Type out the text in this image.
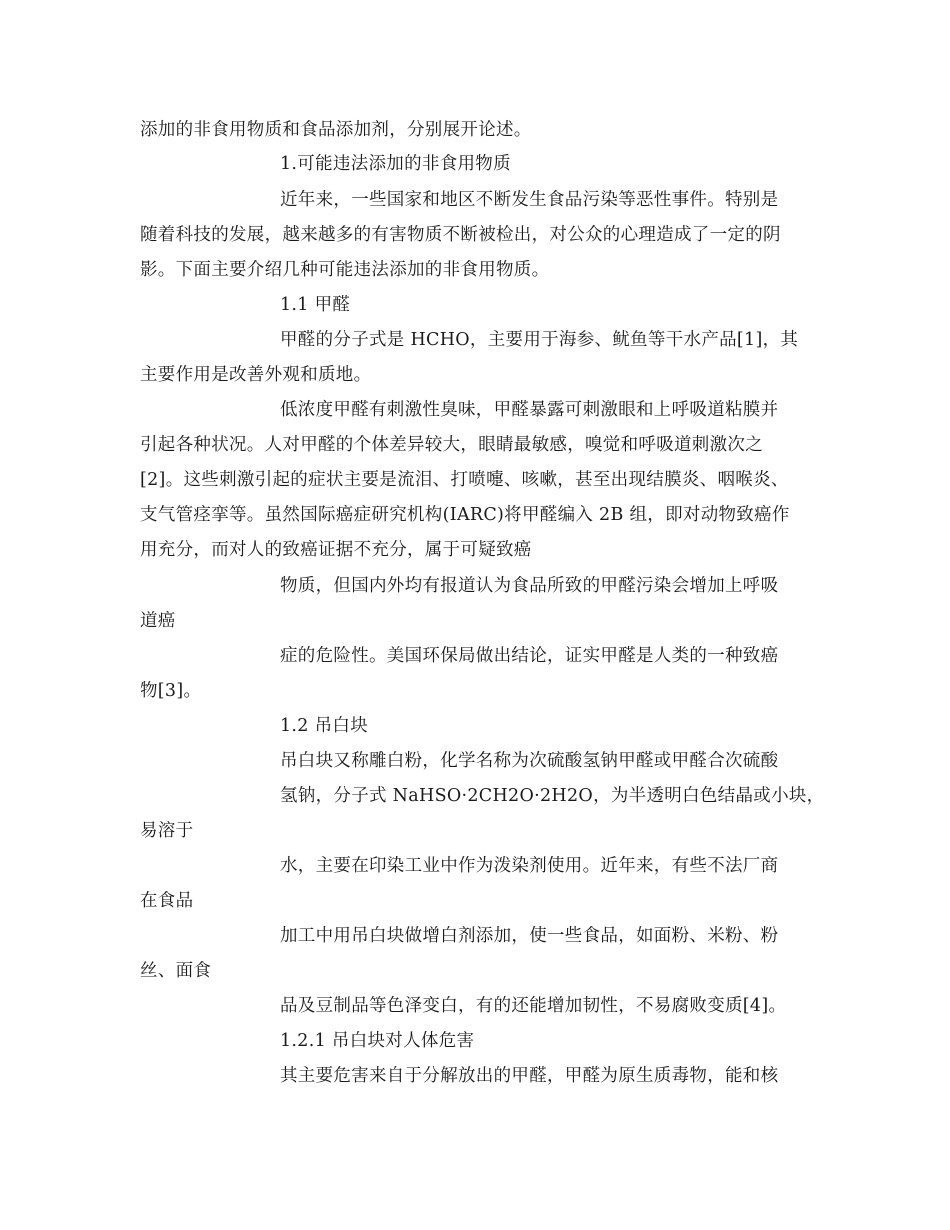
添加的非食用物质和食品添加剂，分别展开论述。
1.可能违法添加的非食用物质
近年来，一些国家和地区不断发生食品污染等恶性事件。特别是
随着科技的发展，越来越多的有害物质不断被检出，对公众的心理造成了一定的阴
影。下面主要介绍几种可能违法添加的非食用物质。
1.1 甲醛
甲醛的分子式是 HCHO，主要用于海参、鱿鱼等干水产品[1]，其
主要作用是改善外观和质地。
低浓度甲醛有刺激性臭味，甲醛暴露可刺激眼和上呼吸道粘膜并
引起各种状况。人对甲醛的个体差异较大，眼睛最敏感，嗅觉和呼吸道刺激次之
[2]。这些刺激引起的症状主要是流泪、打喷嚏、咳嗽，甚至出现结膜炎、咽喉炎、
支气管痉挛等。虽然国际癌症研究机构(IARC)将甲醛编入 2B 组，即对动物致癌作
用充分，而对人的致癌证据不充分，属于可疑致癌
物质，但国内外均有报道认为食品所致的甲醛污染会增加上呼吸
道癌
症的危险性。美国环保局做出结论，证实甲醛是人类的一种致癌
物[3]。
1.2 吊白块
吊白块又称雕白粉，化学名称为次硫酸氢钠甲醛或甲醛合次硫酸
氢钠，分子式 NaHSO·2CH2O·2H2O，为半透明白色结晶或小块，
易溶于
水，主要在印染工业中作为泼染剂使用。近年来，有些不法厂商
在食品
加工中用吊白块做增白剂添加，使一些食品，如面粉、米粉、粉
丝、面食
品及豆制品等色泽变白，有的还能增加韧性，不易腐败变质[4]。
1.2.1 吊白块对人体危害
其主要危害来自于分解放出的甲醛，甲醛为原生质毒物，能和核
